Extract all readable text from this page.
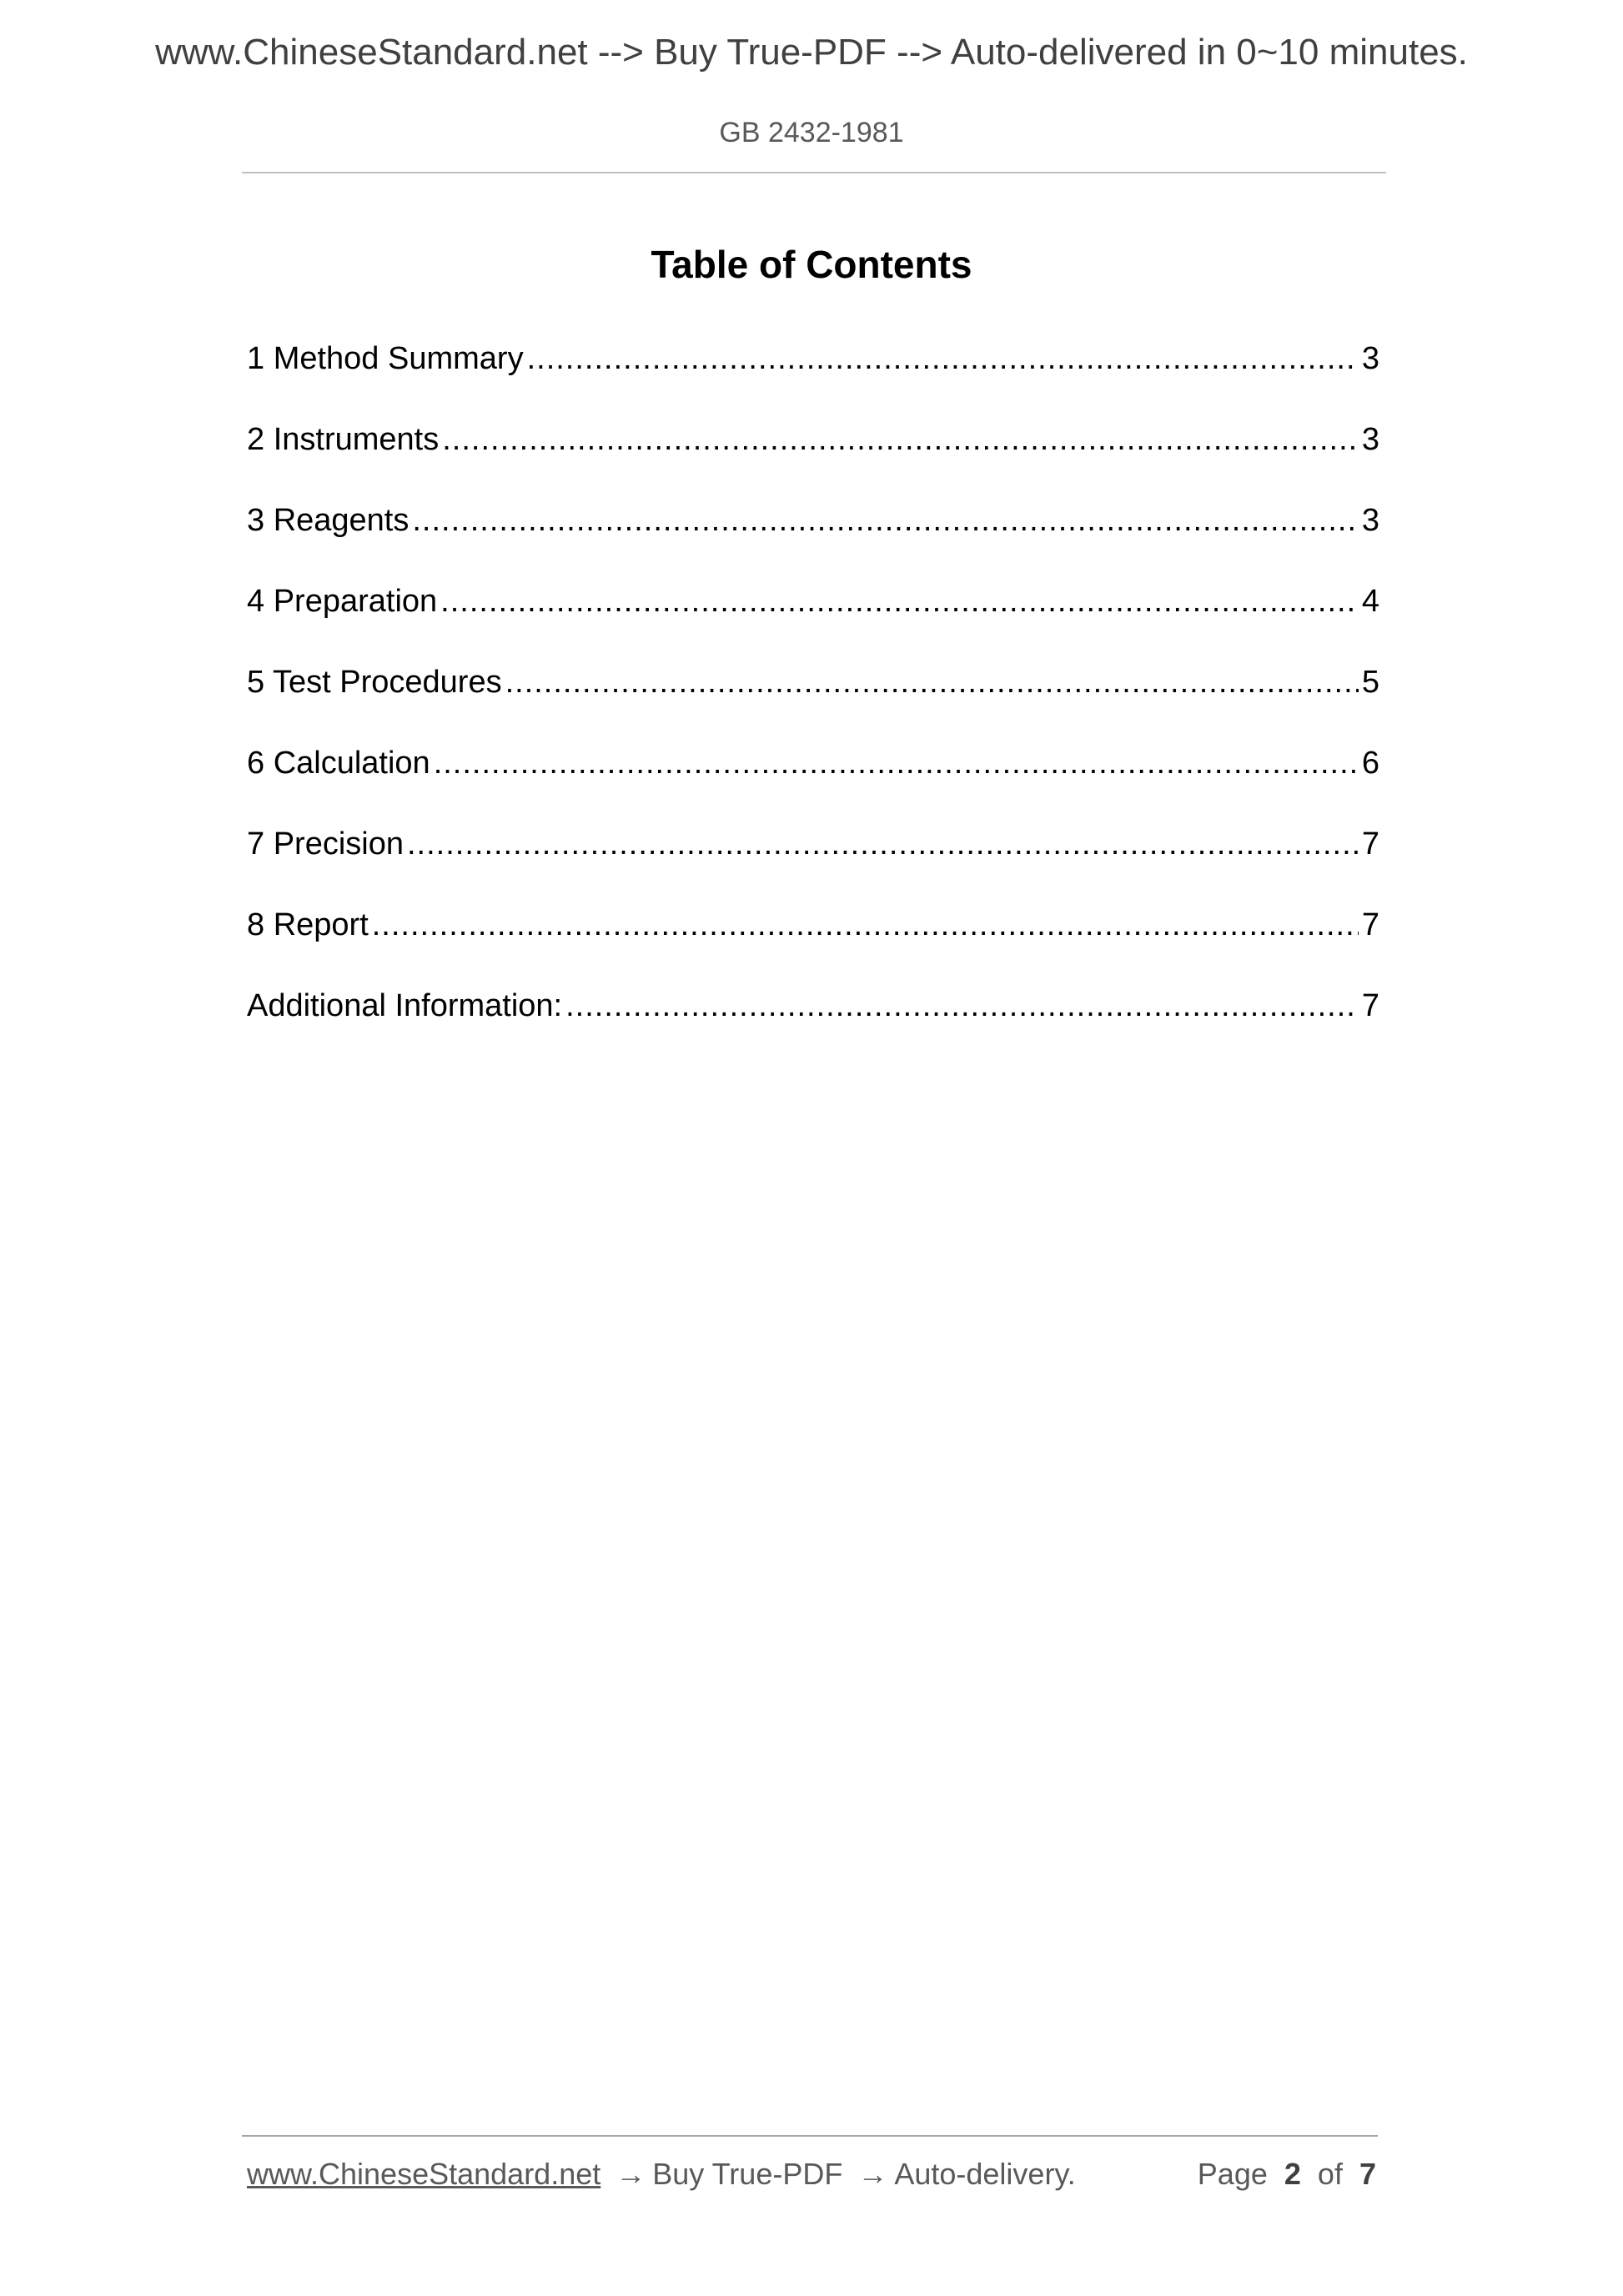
www.ChineseStandard.net --> Buy True-PDF --> Auto-delivered in 0~10 minutes.
GB 2432-1981
Table of Contents
1 Method Summary .....	3
2 Instruments .....	3
3 Reagents .....	3
4 Preparation .....	4
5 Test Procedures .....	5
6 Calculation .....	6
7 Precision .....	7
8 Report .....	7
Additional Information: .....	7
www.ChineseStandard.net → Buy True-PDF → Auto-delivery.	Page 2 of 7
